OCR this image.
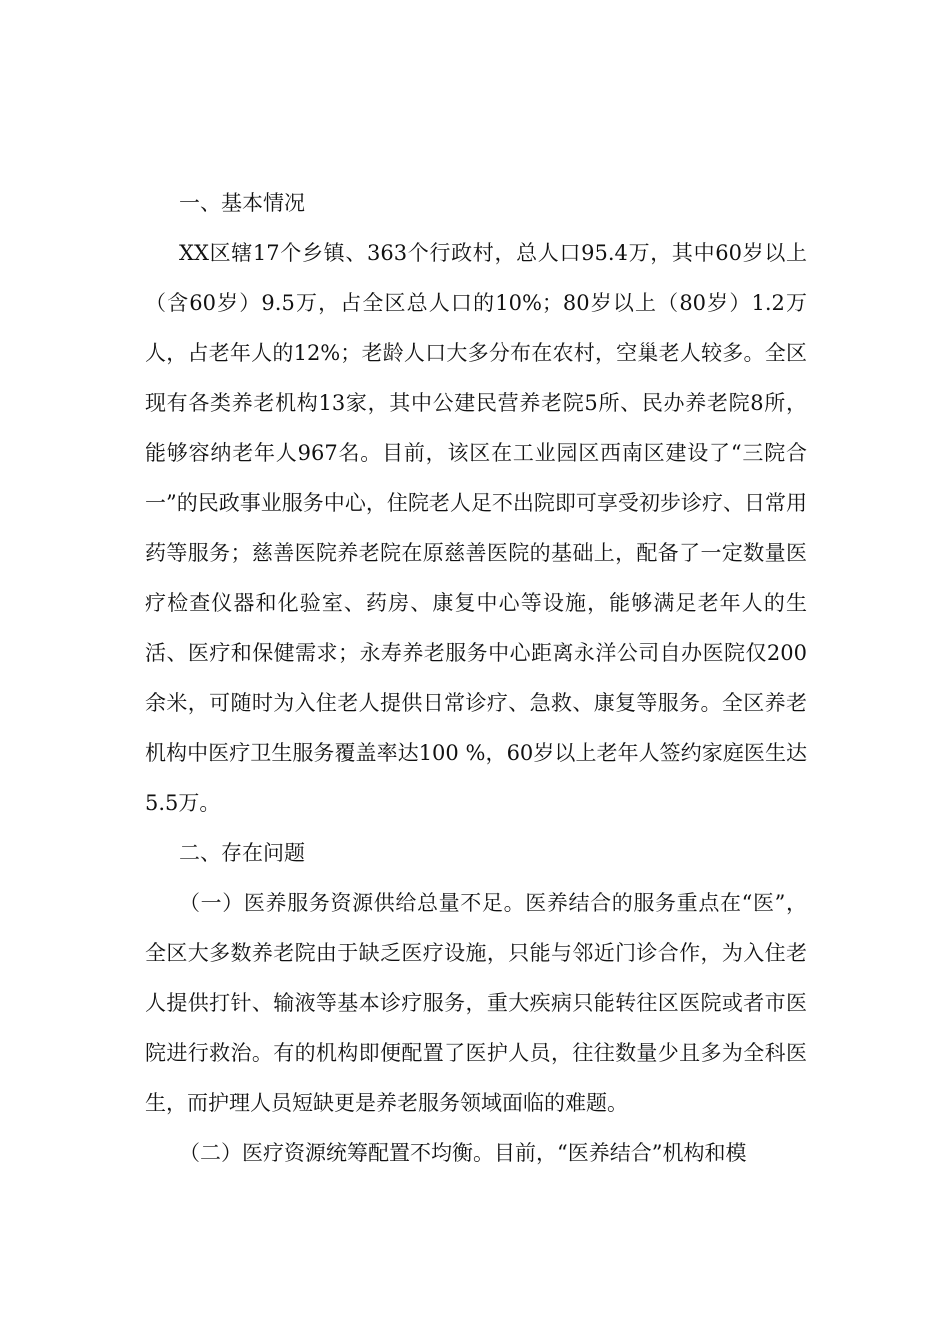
一、基本情况

XX区辖17个乡镇、363个行政村，总人口95.4万，其中60岁以上（含60岁）9.5万，占全区总人口的10%；80岁以上（80岁）1.2万人，占老年人的12%；老龄人口大多分布在农村，空巢老人较多。全区现有各类养老机构13家，其中公建民营养老院5所、民办养老院8所，能够容纳老年人967名。目前，该区在工业园区西南区建设了“三院合一”的民政事业服务中心，住院老人足不出院即可享受初步诊疗、日常用药等服务；慈善医院养老院在原慈善医院的基础上，配备了一定数量医疗检查仪器和化验室、药房、康复中心等设施，能够满足老年人的生活、医疗和保健需求；永寿养老服务中心距离永洋公司自办医院仅200余米，可随时为入住老人提供日常诊疗、急救、康复等服务。全区养老机构中医疗卫生服务覆盖率达100 %，60岁以上老年人签约家庭医生达5.5万。

二、存在问题

（一）医养服务资源供给总量不足。医养结合的服务重点在“医”，全区大多数养老院由于缺乏医疗设施，只能与邻近门诊合作，为入住老人提供打针、输液等基本诊疗服务，重大疾病只能转往区医院或者市医院进行救治。有的机构即便配置了医护人员，往往数量少且多为全科医生，而护理人员短缺更是养老服务领域面临的难题。

（二）医疗资源统筹配置不均衡。目前，“医养结合”机构和模
